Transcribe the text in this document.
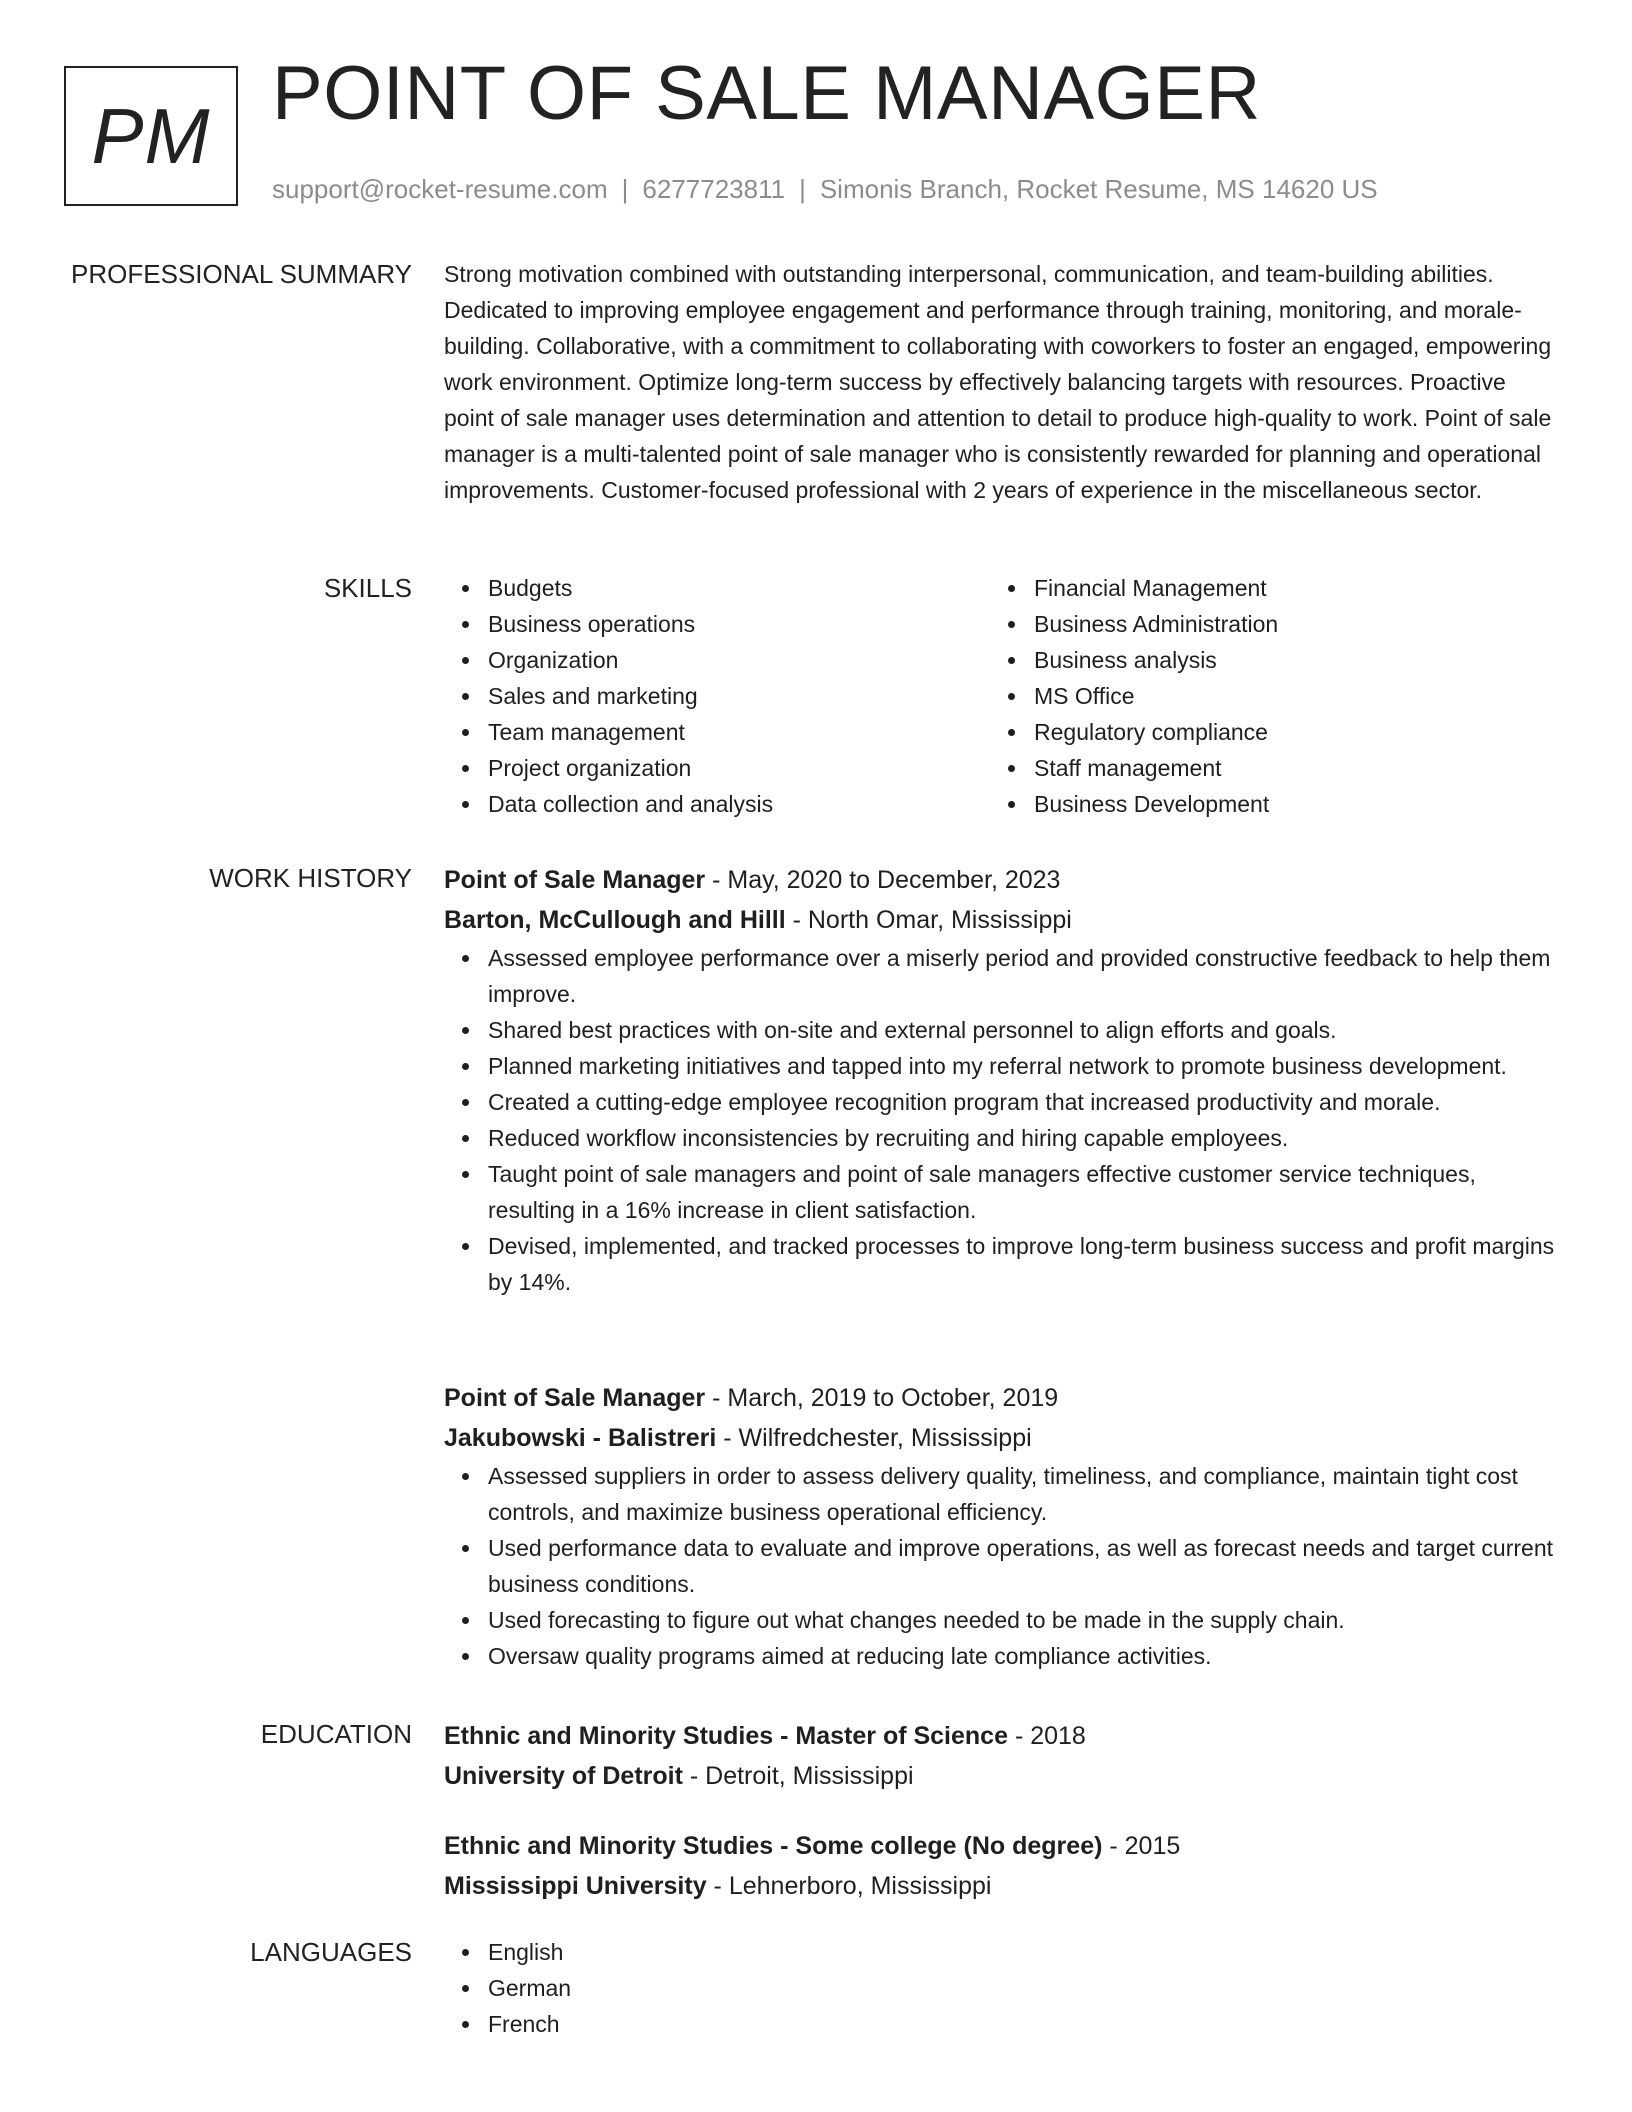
PM POINT OF SALE MANAGER
support@rocket-resume.com | 6277723811 | Simonis Branch, Rocket Resume, MS 14620 US
PROFESSIONAL SUMMARY Strong motivation combined with outstanding interpersonal, communication, and team-building abilities. Dedicated to improving employee engagement and performance through training, monitoring, and morale-building. Collaborative, with a commitment to collaborating with coworkers to foster an engaged, empowering work environment. Optimize long-term success by effectively balancing targets with resources. Proactive point of sale manager uses determination and attention to detail to produce high-quality to work. Point of sale manager is a multi-talented point of sale manager who is consistently rewarded for planning and operational improvements. Customer-focused professional with 2 years of experience in the miscellaneous sector.

SKILLS	Budgets
Business operations
Organization
Sales and marketing
Team management
Project organization
Data collection and analysis
Financial Management
Business Administration
Business analysis
MS Office
Regulatory compliance
Staff management
Business Development
WORK HISTORY Point of Sale Manager - May, 2020 to December, 2023
Barton, McCullough and Hilll - North Omar, Mississippi
Assessed employee performance over a miserly period and provided constructive feedback to help them improve.
Shared best practices with on-site and external personnel to align efforts and goals.
Planned marketing initiatives and tapped into my referral network to promote business development.
Created a cutting-edge employee recognition program that increased productivity and morale.
Reduced workflow inconsistencies by recruiting and hiring capable employees.
Taught point of sale managers and point of sale managers effective customer service techniques, resulting in a 16% increase in client satisfaction.
Devised, implemented, and tracked processes to improve long-term business success and profit margins by 14%.
Point of Sale Manager - March, 2019 to October, 2019
Jakubowski - Balistreri - Wilfredchester, Mississippi
Assessed suppliers in order to assess delivery quality, timeliness, and compliance, maintain tight cost controls, and maximize business operational efficiency.
Used performance data to evaluate and improve operations, as well as forecast needs and target current business conditions.
Used forecasting to figure out what changes needed to be made in the supply chain.
Oversaw quality programs aimed at reducing late compliance activities.
EDUCATION Ethnic and Minority Studies - Master of Science - 2018
University of Detroit - Detroit, Mississippi
Ethnic and Minority Studies - Some college (No degree) - 2015
Mississippi University - Lehnerboro, Mississippi
LANGUAGES	English
German
French
